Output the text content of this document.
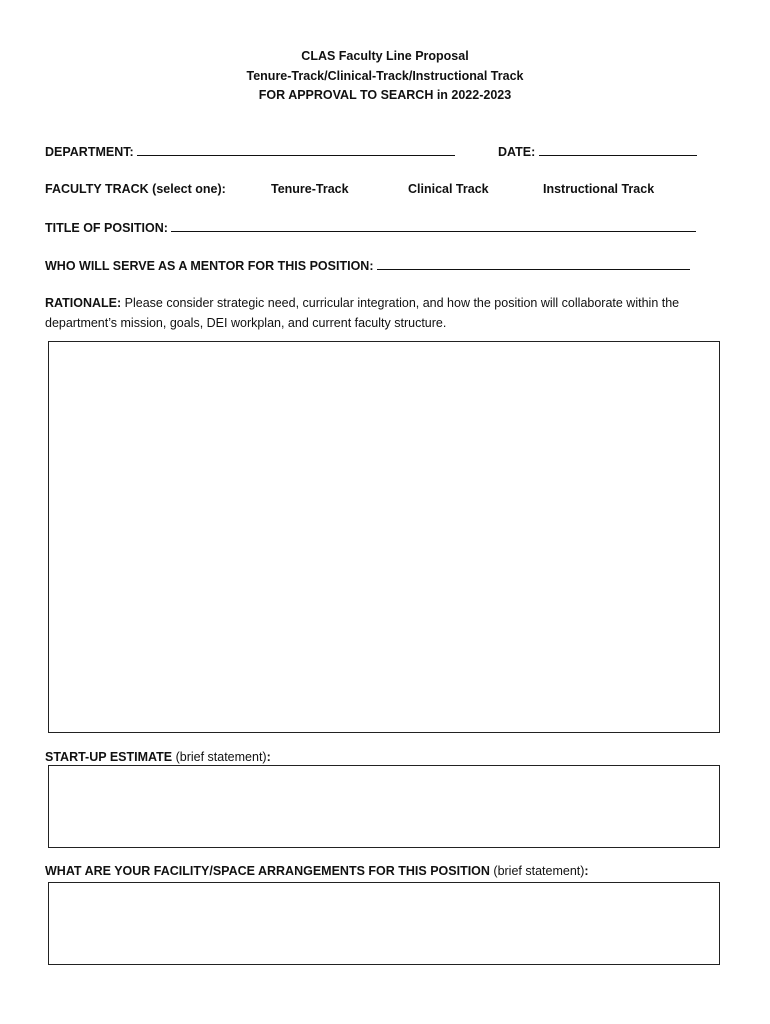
CLAS Faculty Line Proposal
Tenure-Track/Clinical-Track/Instructional Track
FOR APPROVAL TO SEARCH in 2022-2023
DEPARTMENT:	DATE:
FACULTY TRACK (select one):	Tenure-Track	Clinical Track	Instructional Track
TITLE OF POSITION:
WHO WILL SERVE AS A MENTOR FOR THIS POSITION:
RATIONALE: Please consider strategic need, curricular integration, and how the position will collaborate within the department’s mission, goals, DEI workplan, and current faculty structure.
START-UP ESTIMATE (brief statement):
WHAT ARE YOUR FACILITY/SPACE ARRANGEMENTS FOR THIS POSITION (brief statement):
